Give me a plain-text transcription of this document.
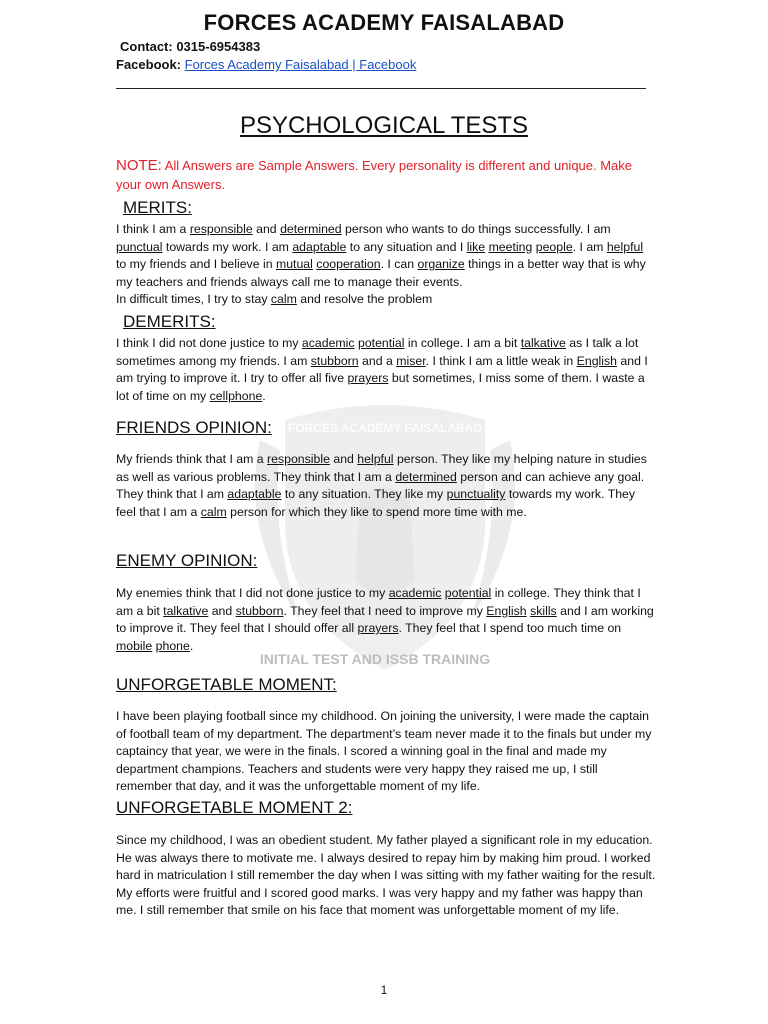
FORCES ACADEMY FAISALABAD
INITIAL TEST AND ISSB TRAINING
FORCES ACADEMY FAISALABAD
Contact: 0315-6954383
Facebook: Forces Academy Faisalabad | Facebook
PSYCHOLOGICAL TESTS
NOTE: All Answers are Sample Answers. Every personality is different and unique. Make your own Answers.
MERITS:
I think I am a responsible and determined person who wants to do things successfully. I am punctual towards my work. I am adaptable to any situation and I like meeting people. I am helpful to my friends and I believe in mutual cooperation. I can organize things in a better way that is why my teachers and friends always call me to manage their events.
In difficult times, I try to stay calm and resolve the problem
DEMERITS:
I think I did not done justice to my academic potential in college. I am a bit talkative as I talk a lot sometimes among my friends. I am stubborn and a miser. I think I am a little weak in English and I am trying to improve it. I try to offer all five prayers but sometimes, I miss some of them. I waste a lot of time on my cellphone.
FRIENDS OPINION:
My friends think that I am a responsible and helpful person. They like my helping nature in studies as well as various problems. They think that I am a determined person and can achieve any goal. They think that I am adaptable to any situation. They like my punctuality towards my work. They feel that I am a calm person for which they like to spend more time with me.
ENEMY OPINION:
My enemies think that I did not done justice to my academic potential in college. They think that I am a bit talkative and stubborn. They feel that I need to improve my English skills and I am working to improve it. They feel that I should offer all prayers. They feel that I spend too much time on mobile phone.
UNFORGETABLE MOMENT:
I have been playing football since my childhood. On joining the university, I were made the captain of football team of my department. The department’s team never made it to the finals but under my captaincy that year, we were in the finals. I scored a winning goal in the final and made my department champions. Teachers and students were very happy they raised me up, I still remember that day, and it was the unforgettable moment of my life.
UNFORGETABLE MOMENT 2:
Since my childhood, I was an obedient student. My father played a significant role in my education. He was always there to motivate me. I always desired to repay him by making him proud. I worked hard in matriculation I still remember the day when I was sitting with my father waiting for the result. My efforts were fruitful and I scored good marks. I was very happy and my father was happy than me. I still remember that smile on his face that moment was unforgettable moment of my life.
1
